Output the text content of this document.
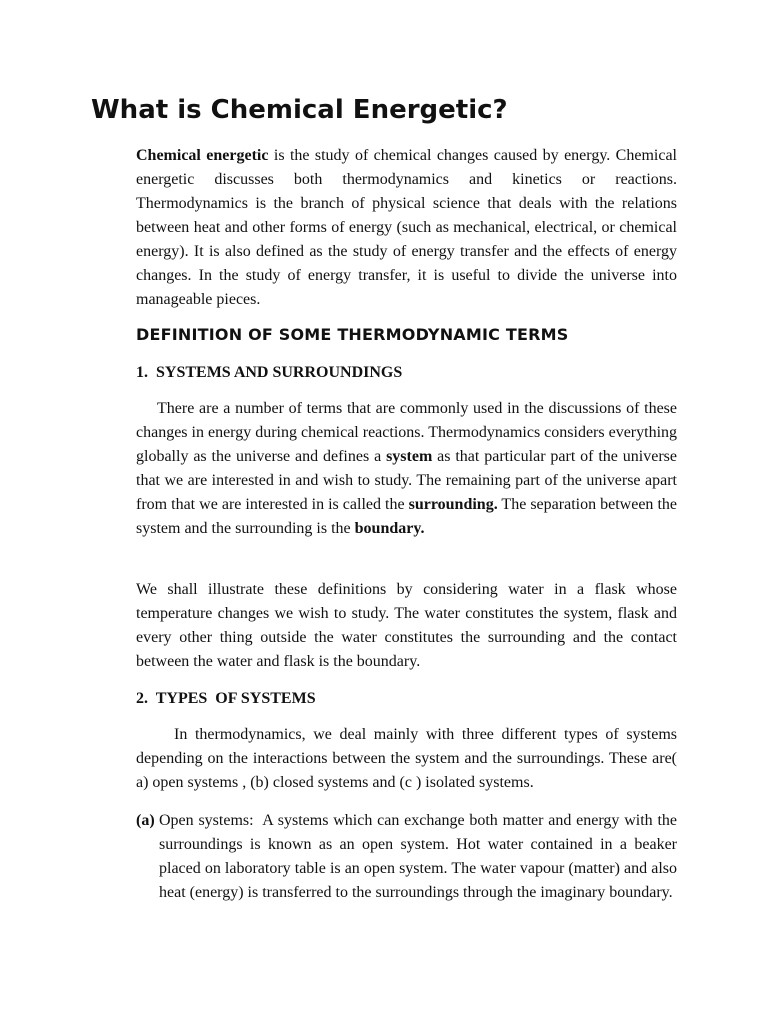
What is Chemical Energetic?

Chemical energetic is the study of chemical changes caused by energy. Chemical energetic discusses both thermodynamics and kinetics or reactions. Thermodynamics is the branch of physical science that deals with the relations between heat and other forms of energy (such as mechanical, electrical, or chemical energy). It is also defined as the study of energy transfer and the effects of energy changes. In the study of energy transfer, it is useful to divide the universe into manageable pieces.

DEFINITION OF SOME THERMODYNAMIC TERMS
1.  SYSTEMS AND SURROUNDINGS

There are a number of terms that are commonly used in the discussions of these changes in energy during chemical reactions. Thermodynamics considers everything globally as the universe and defines a system as that particular part of the universe that we are interested in and wish to study. The remaining part of the universe apart from that we are interested in is called the surrounding. The separation between the system and the surrounding is the boundary.

We shall illustrate these definitions by considering water in a flask whose temperature changes we wish to study. The water constitutes the system, flask and every other thing outside the water constitutes the surrounding and the contact between the water and flask is the boundary.

2.  TYPES  OF SYSTEMS

In thermodynamics, we deal mainly with three different types of systems depending on the interactions between the system and the surroundings. These are( a) open systems , (b) closed systems and (c ) isolated systems.

(a) Open systems:  A systems which can exchange both matter and energy with the surroundings is known as an open system. Hot water contained in a beaker placed on laboratory table is an open system. The water vapour (matter) and also  heat (energy) is transferred to the surroundings through the imaginary boundary.
